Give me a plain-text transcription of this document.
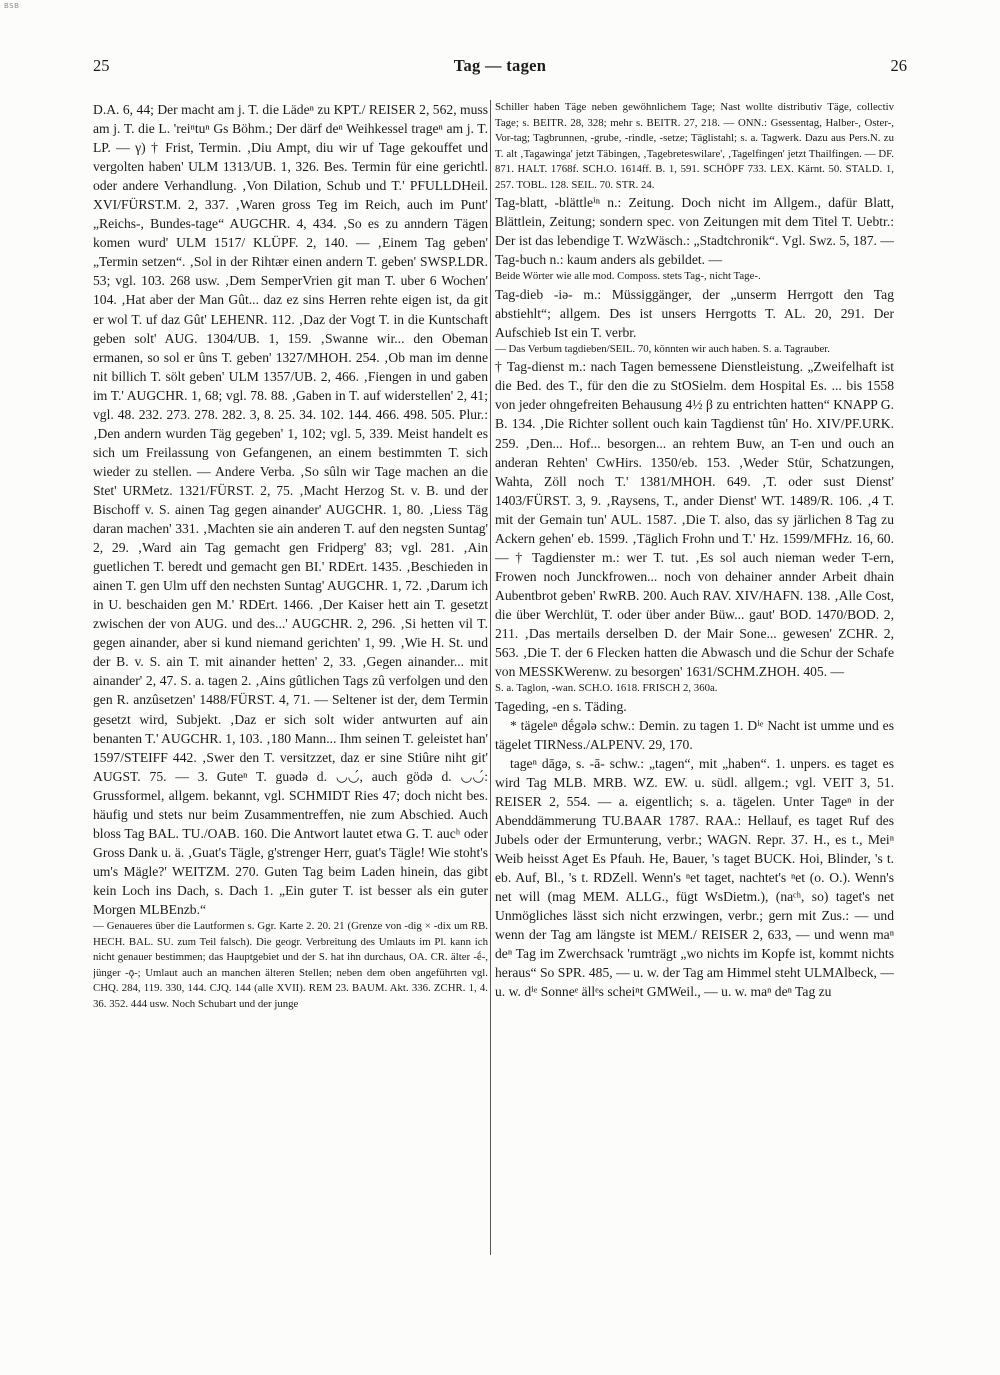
BSB
25	Tag — tagen	26

D.A. 6, 44; Der macht am j. T. die Lädeⁿ zu KPT./ REISER 2, 562, muss am j. T. die L. 'reiⁿtuⁿ Gs Böhm.; Der därf deⁿ Weihkessel trageⁿ am j. T. LP. — γ) † Frist, Termin. ‚Diu Ampt, diu wir uf Tage gekouffet und vergolten haben' ULM 1313/UB. 1, 326. Bes. Termin für eine gerichtl. oder andere Verhandlung. ‚Von Dilation, Schub und T.' PFULLDHeil. XVI/FÜRST.M. 2, 337. ‚Waren gross Teg im Reich, auch im Punt' „Reichs-, Bundes-tage“ AUGCHR. 4, 434. ‚So es zu anndern Tägen komen wurd' ULM 1517/ KLÜPF. 2, 140. — ‚Einem Tag geben' „Termin setzen“. ‚Sol in der Rihtær einen andern T. geben' SWSP.LDR. 53; vgl. 103. 268 usw. ‚Dem SemperVrien git man T. uber 6 Wochen' 104. ‚Hat aber der Man Gût... daz ez sins Herren rehte eigen ist, da git er wol T. uf daz Gût' LEHENR. 112. ‚Daz der Vogt T. in die Kuntschaft geben solt' AUG. 1304/UB. 1, 159. ‚Swanne wir... den Obeman ermanen, so sol er ûns T. geben' 1327/MHOH. 254. ‚Ob man im denne nit billich T. sölt geben' ULM 1357/UB. 2, 466. ‚Fiengen in und gaben im T.' AUGCHR. 1, 68; vgl. 78. 88. ‚Gaben in T. auf widerstellen' 2, 41; vgl. 48. 232. 273. 278. 282. 3, 8. 25. 34. 102. 144. 466. 498. 505. Plur.: ‚Den andern wurden Täg gegeben' 1, 102; vgl. 5, 339. Meist handelt es sich um Freilassung von Gefangenen, an einem bestimmten T. sich wieder zu stellen. — Andere Verba. ‚So sûln wir Tage machen an die Stet' URMetz. 1321/FÜRST. 2, 75. ‚Macht Herzog St. v. B. und der Bischoff v. S. ainen Tag gegen ainander' AUGCHR. 1, 80. ‚Liess Täg daran machen' 331. ‚Machten sie ain anderen T. auf den negsten Suntag' 2, 29. ‚Ward ain Tag gemacht gen Fridperg' 83; vgl. 281. ‚Ain guetlichen T. beredt und gemacht gen BI.' RDErt. 1435. ‚Beschieden in ainen T. gen Ulm uff den nechsten Suntag' AUGCHR. 1, 72. ‚Darum ich in U. beschaiden gen M.' RDErt. 1466. ‚Der Kaiser hett ain T. gesetzt zwischen der von AUG. und des...' AUGCHR. 2, 296. ‚Si hetten vil T. gegen ainander, aber si kund niemand gerichten' 1, 99. ‚Wie H. St. und der B. v. S. ain T. mit ainander hetten' 2, 33. ‚Gegen ainander... mit ainander' 2, 47. S. a. tagen 2. ‚Ains gûtlichen Tags zû verfolgen und den gen R. anzûsetzen' 1488/FÜRST. 4, 71. — Seltener ist der, dem Termin gesetzt wird, Subjekt. ‚Daz er sich solt wider antwurten auf ain benanten T.' AUGCHR. 1, 103. ‚180 Mann... Ihm seinen T. geleistet han' 1597/STEIFF 442. ‚Swer den T. versitzzet, daz er sine Stiûre niht git' AUGST. 75. — 3. Guteⁿ T. guədə d. ◡◡́, auch gödə d. ◡◡́: Grussformel, allgem. bekannt, vgl. SCHMIDT Ries 47; doch nicht bes. häufig und stets nur beim Zusammentreffen, nie zum Abschied. Auch bloss Tag BAL. TU./OAB. 160. Die Antwort lautet etwa G. T. aucʰ oder Gross Dank u. ä. ‚Guat's Tägle, g'strenger Herr, guat's Tägle! Wie stoht's um's Mägle?' WEITZM. 270. Guten Tag beim Laden hinein, das gibt kein Loch ins Dach, s. Dach 1. „Ein guter T. ist besser als ein guter Morgen MLBEnzb.“

— Genaueres über die Lautformen s. Ggr. Karte 2. 20. 21 (Grenze von -dig × -dix um RB. HECH. BAL. SU. zum Teil falsch). Die geogr. Verbreitung des Umlauts im Pl. kann ich nicht genauer bestimmen; das Hauptgebiet und der S. hat ihn durchaus, OA. CR. älter -ḗ-, jünger -ǭ-; Umlaut auch an manchen älteren Stellen; neben dem oben angeführten vgl. CHQ. 284, 119. 330, 144. CJQ. 144 (alle XVII). REM 23. BAUM. Akt. 336. ZCHR. 1, 4. 36. 352. 444 usw. Noch Schubart und der junge

Schiller haben Täge neben gewöhnlichem Tage; Nast wollte distributiv Täge, collectiv Tage; s. BEITR. 28, 328; mehr s. BEITR. 27, 218. — ONN.: Gsessentag, Halber-, Oster-, Vor-tag; Tagbrunnen, -grube, -rindle, -setze; Täglistahl; s. a. Tagwerk. Dazu aus Pers.N. zu T. alt ‚Tagawinga' jetzt Täbingen, ‚Tagebreteswilare', ‚Tagelfingen' jetzt Thailfingen. — DF. 871. HALT. 1768f. SCH.O. 1614ff. B. 1, 591. SCHÖPF 733. LEX. Kärnt. 50. STALD. 1, 257. TOBL. 128. SEIL. 70. STR. 24.

Tag-blatt, -blättleⁱⁿ n.: Zeitung. Doch nicht im Allgem., dafür Blatt, Blättlein, Zeitung; sondern spec. von Zeitungen mit dem Titel T. Uebtr.: Der ist das lebendige T. WzWäsch.: „Stadtchronik“. Vgl. Swz. 5, 187. — Tag-buch n.: kaum anders als gebildet. —

Beide Wörter wie alle mod. Composs. stets Tag-, nicht Tage-.

Tag-dieb -iə- m.: Müssiggänger, der „unserm Herrgott den Tag abstiehlt“; allgem. Des ist unsers Herrgotts T. AL. 20, 291. Der Aufschieb Ist ein T. verbr.

— Das Verbum tagdieben/SEIL. 70, könnten wir auch haben. S. a. Tagrauber.

† Tag-dienst m.: nach Tagen bemessene Dienstleistung. „Zweifelhaft ist die Bed. des T., für den die zu StOSielm. dem Hospital Es. ... bis 1558 von jeder ohngefreiten Behausung 4½ β zu entrichten hatten“ KNAPP G. B. 134. ‚Die Richter sollent ouch kain Tagdienst tûn' Ho. XIV/PF.URK. 259. ‚Den... Hof... besorgen... an rehtem Buw, an T-en und ouch an anderan Rehten' CwHirs. 1350/eb. 153. ‚Weder Stür, Schatzungen, Wahta, Zöll noch T.' 1381/MHOH. 649. ‚T. oder sust Dienst' 1403/FÜRST. 3, 9. ‚Raysens, T., ander Dienst' WT. 1489/R. 106. ‚4 T. mit der Gemain tun' AUL. 1587. ‚Die T. also, das sy järlichen 8 Tag zu Ackern gehen' eb. 1599. ‚Täglich Frohn und T.' Hz. 1599/MFHz. 16, 60. — † Tagdienster m.: wer T. tut. ‚Es sol auch nieman weder T-ern, Frowen noch Junckfrowen... noch von dehainer annder Arbeit dhain Aubentbrot geben' RwRB. 200. Auch RAV. XIV/HAFN. 138. ‚Alle Cost, die über Werchlüt, T. oder über ander Büw... gaut' BOD. 1470/BOD. 2, 211. ‚Das mertails derselben D. der Mair Sone... gewesen' ZCHR. 2, 563. ‚Die T. der 6 Flecken hatten die Abwasch und die Schur der Schafe von MESSKWerenw. zu besorgen' 1631/SCHM.ZHOH. 405. —

S. a. Taglon, -wan. SCH.O. 1618. FRISCH 2, 360a.

Tageding, -en s. Täding.

* tägeleⁿ dḗgələ schw.: Demin. zu tagen 1. Dⁱᵉ Nacht ist umme und es tägelet TIRNess./ALPENV. 29, 170.

tageⁿ dāgə, s. -ā- schw.: „tagen“, mit „haben“. 1. unpers. es taget es wird Tag MLB. MRB. WZ. EW. u. südl. allgem.; vgl. VEIT 3, 51. REISER 2, 554. — a. eigentlich; s. a. tägelen. Unter Tageⁿ in der Abenddämmerung TU.BAAR 1787. RAA.: Hellauf, es taget Ruf des Jubels oder der Ermunterung, verbr.; WAGN. Repr. 37. H., es t., Meiⁿ Weib heisst Aget Es Pfauh. He, Bauer, 's taget BUCK. Hoi, Blinder, 's t. eb. Auf, Bl., 's t. RDZell. Wenn's ⁿet taget, nachtet's ⁿet (o. O.). Wenn's net will (mag MEM. ALLG., fügt WsDietm.), (naᶜʰ, so) taget's net Unmögliches lässt sich nicht erzwingen, verbr.; gern mit Zus.: — und wenn der Tag am längste ist MEM./ REISER 2, 633, — und wenn maⁿ deⁿ Tag im Zwerchsack 'rumträgt „wo nichts im Kopfe ist, kommt nichts heraus“ So SPR. 485, — u. w. der Tag am Himmel steht ULMAlbeck, — u. w. dⁱᵉ Sonneᵉ ällᵉs scheiⁿt GMWeil., — u. w. maⁿ deⁿ Tag zu
